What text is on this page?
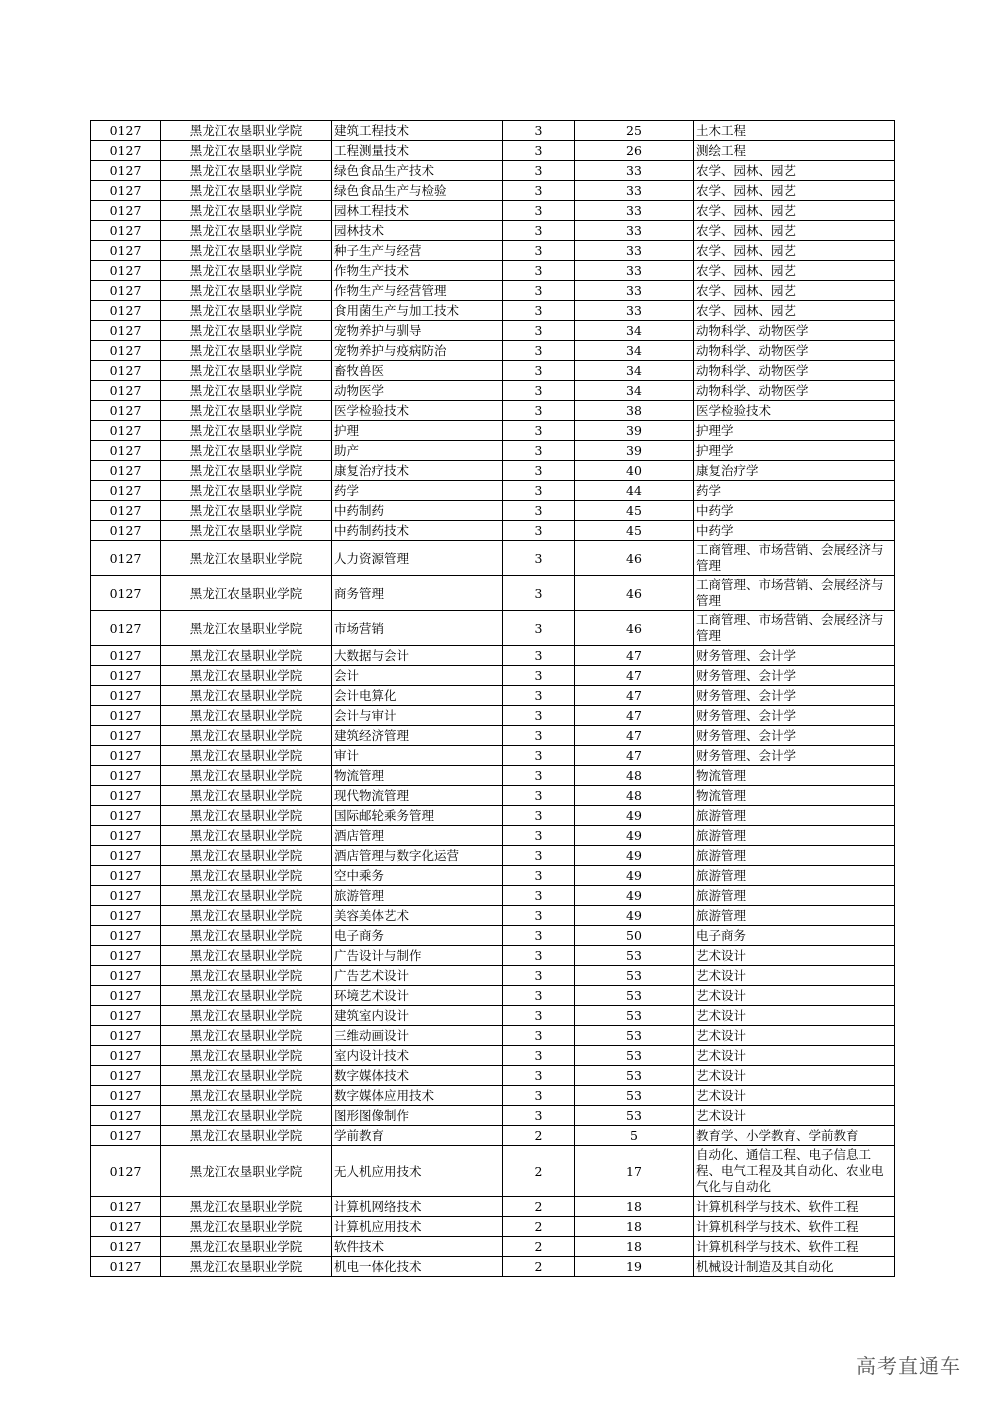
0127	黑龙江农垦职业学院	建筑工程技术	3	25	土木工程
0127	黑龙江农垦职业学院	工程测量技术	3	26	测绘工程
0127	黑龙江农垦职业学院	绿色食品生产技术	3	33	农学、园林、园艺
0127	黑龙江农垦职业学院	绿色食品生产与检验	3	33	农学、园林、园艺
0127	黑龙江农垦职业学院	园林工程技术	3	33	农学、园林、园艺
0127	黑龙江农垦职业学院	园林技术	3	33	农学、园林、园艺
0127	黑龙江农垦职业学院	种子生产与经营	3	33	农学、园林、园艺
0127	黑龙江农垦职业学院	作物生产技术	3	33	农学、园林、园艺
0127	黑龙江农垦职业学院	作物生产与经营管理	3	33	农学、园林、园艺
0127	黑龙江农垦职业学院	食用菌生产与加工技术	3	33	农学、园林、园艺
0127	黑龙江农垦职业学院	宠物养护与驯导	3	34	动物科学、动物医学
0127	黑龙江农垦职业学院	宠物养护与疫病防治	3	34	动物科学、动物医学
0127	黑龙江农垦职业学院	畜牧兽医	3	34	动物科学、动物医学
0127	黑龙江农垦职业学院	动物医学	3	34	动物科学、动物医学
0127	黑龙江农垦职业学院	医学检验技术	3	38	医学检验技术
0127	黑龙江农垦职业学院	护理	3	39	护理学
0127	黑龙江农垦职业学院	助产	3	39	护理学
0127	黑龙江农垦职业学院	康复治疗技术	3	40	康复治疗学
0127	黑龙江农垦职业学院	药学	3	44	药学
0127	黑龙江农垦职业学院	中药制药	3	45	中药学
0127	黑龙江农垦职业学院	中药制药技术	3	45	中药学
0127	黑龙江农垦职业学院	人力资源管理	3	46	工商管理、市场营销、会展经济与管理
0127	黑龙江农垦职业学院	商务管理	3	46	工商管理、市场营销、会展经济与管理
0127	黑龙江农垦职业学院	市场营销	3	46	工商管理、市场营销、会展经济与管理
0127	黑龙江农垦职业学院	大数据与会计	3	47	财务管理、会计学
0127	黑龙江农垦职业学院	会计	3	47	财务管理、会计学
0127	黑龙江农垦职业学院	会计电算化	3	47	财务管理、会计学
0127	黑龙江农垦职业学院	会计与审计	3	47	财务管理、会计学
0127	黑龙江农垦职业学院	建筑经济管理	3	47	财务管理、会计学
0127	黑龙江农垦职业学院	审计	3	47	财务管理、会计学
0127	黑龙江农垦职业学院	物流管理	3	48	物流管理
0127	黑龙江农垦职业学院	现代物流管理	3	48	物流管理
0127	黑龙江农垦职业学院	国际邮轮乘务管理	3	49	旅游管理
0127	黑龙江农垦职业学院	酒店管理	3	49	旅游管理
0127	黑龙江农垦职业学院	酒店管理与数字化运营	3	49	旅游管理
0127	黑龙江农垦职业学院	空中乘务	3	49	旅游管理
0127	黑龙江农垦职业学院	旅游管理	3	49	旅游管理
0127	黑龙江农垦职业学院	美容美体艺术	3	49	旅游管理
0127	黑龙江农垦职业学院	电子商务	3	50	电子商务
0127	黑龙江农垦职业学院	广告设计与制作	3	53	艺术设计
0127	黑龙江农垦职业学院	广告艺术设计	3	53	艺术设计
0127	黑龙江农垦职业学院	环境艺术设计	3	53	艺术设计
0127	黑龙江农垦职业学院	建筑室内设计	3	53	艺术设计
0127	黑龙江农垦职业学院	三维动画设计	3	53	艺术设计
0127	黑龙江农垦职业学院	室内设计技术	3	53	艺术设计
0127	黑龙江农垦职业学院	数字媒体技术	3	53	艺术设计
0127	黑龙江农垦职业学院	数字媒体应用技术	3	53	艺术设计
0127	黑龙江农垦职业学院	图形图像制作	3	53	艺术设计
0127	黑龙江农垦职业学院	学前教育	2	5	教育学、小学教育、学前教育
0127	黑龙江农垦职业学院	无人机应用技术	2	17	自动化、通信工程、电子信息工程、电气工程及其自动化、农业电气化与自动化
0127	黑龙江农垦职业学院	计算机网络技术	2	18	计算机科学与技术、软件工程
0127	黑龙江农垦职业学院	计算机应用技术	2	18	计算机科学与技术、软件工程
0127	黑龙江农垦职业学院	软件技术	2	18	计算机科学与技术、软件工程
0127	黑龙江农垦职业学院	机电一体化技术	2	19	机械设计制造及其自动化
高考直通车
